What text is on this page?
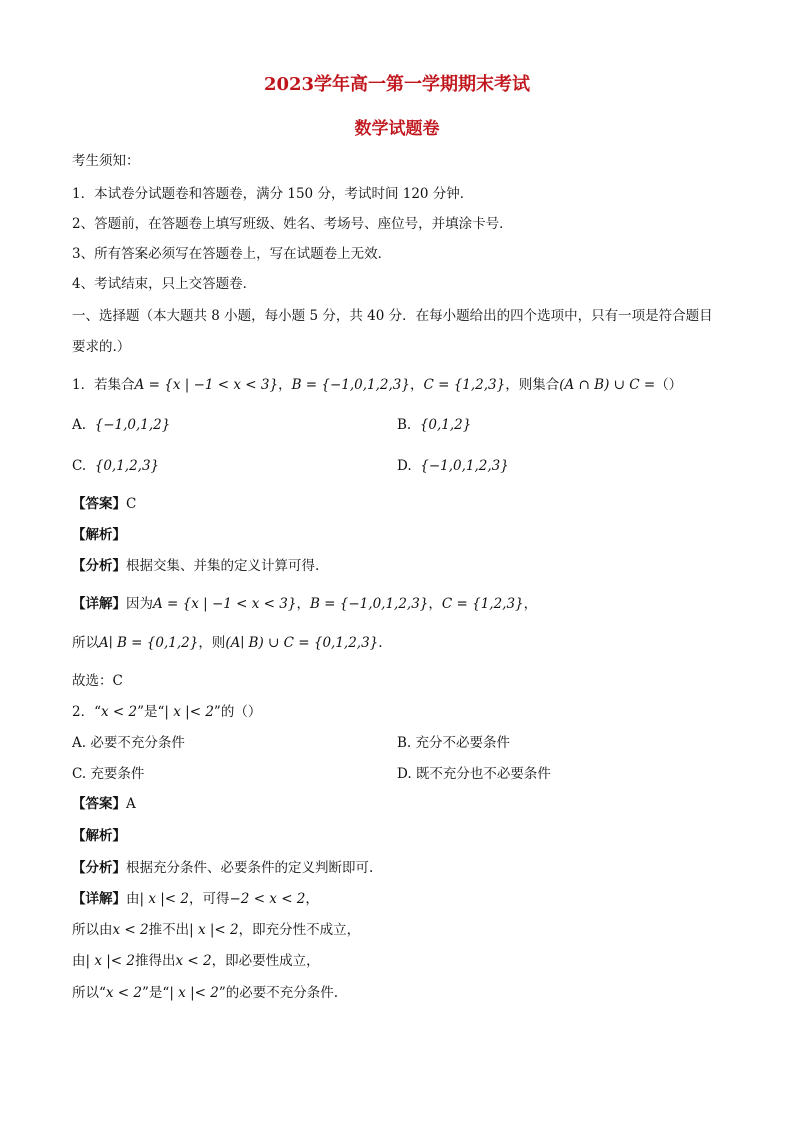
2023学年高一第一学期期末考试
数学试题卷
考生须知：
1．本试卷分试题卷和答题卷，满分 150 分，考试时间 120 分钟．
2、答题前，在答题卷上填写班级、姓名、考场号、座位号，并填涂卡号．
3、所有答案必须写在答题卷上，写在试题卷上无效．
4、考试结束，只上交答题卷．
一、选择题（本大题共 8 小题，每小题 5 分，共 40 分．在每小题给出的四个选项中，只有一项是符合题目
要求的.）
1．若集合A = {x | −1 < x < 3}，B = {−1,0,1,2,3}，C = {1,2,3}，则集合(A ∩ B) ∪ C =（）
A. {−1,0,1,2}	B. {0,1,2}
C. {0,1,2,3}	D. {−1,0,1,2,3}
【答案】C
【解析】
【分析】根据交集、并集的定义计算可得.
【详解】因为A = {x | −1 < x < 3}，B = {−1,0,1,2,3}，C = {1,2,3}，
所以A∣ B = {0,1,2}，则(A∣ B) ∪ C = {0,1,2,3}.
故选：C
2．“x < 2”是“| x |< 2”的（）
A. 必要不充分条件	B. 充分不必要条件
C. 充要条件	D. 既不充分也不必要条件
【答案】A
【解析】
【分析】根据充分条件、必要条件的定义判断即可.
【详解】由| x |< 2，可得−2 < x < 2，
所以由x < 2推不出| x |< 2，即充分性不成立，
由| x |< 2推得出x < 2，即必要性成立，
所以“x < 2”是“| x |< 2”的必要不充分条件.
